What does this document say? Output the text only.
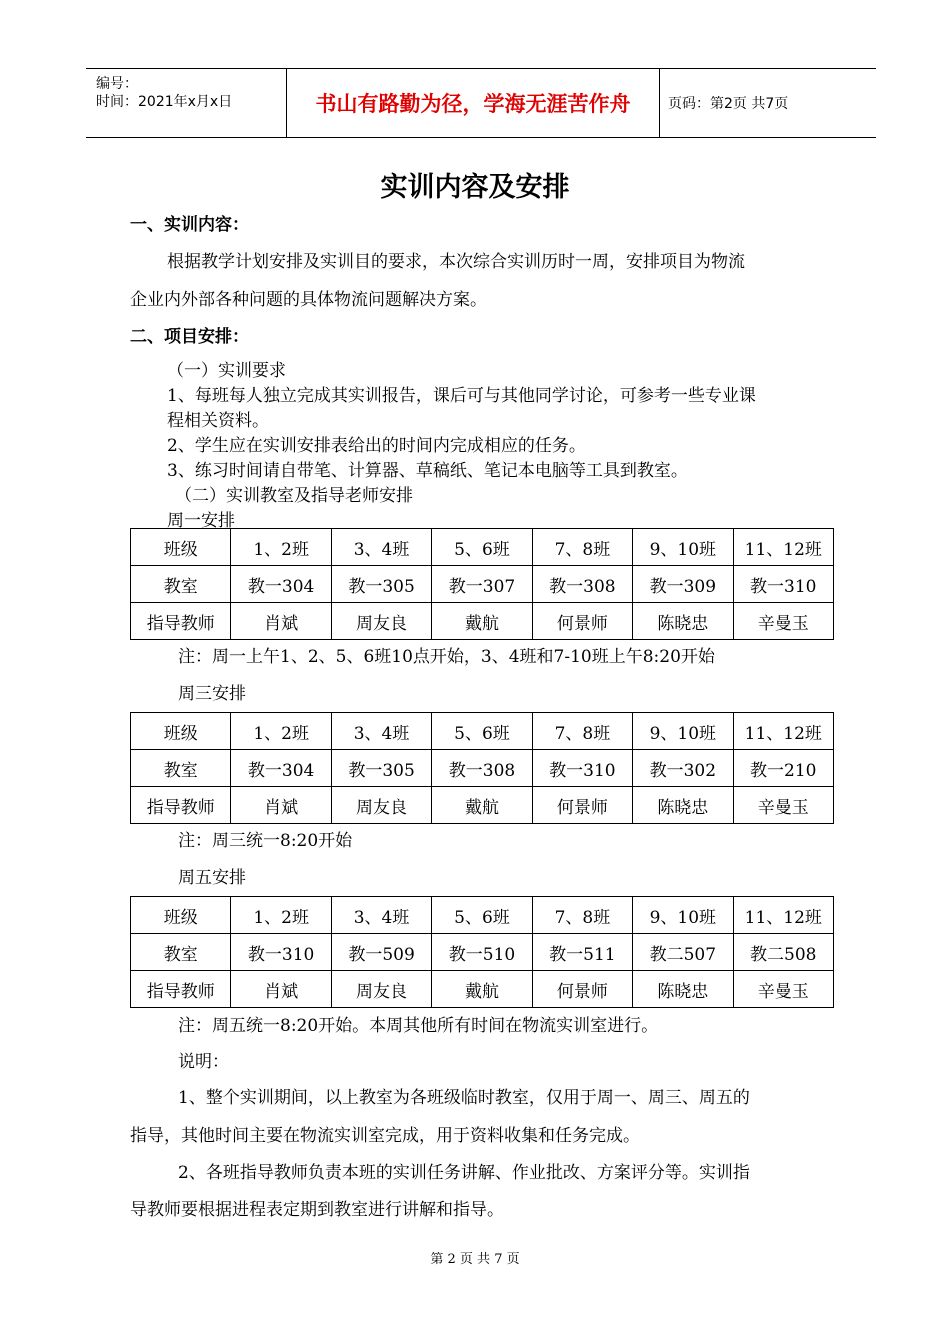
编号：
时间：2021年x月x日	书山有路勤为径，学海无涯苦作舟	页码：第2页 共7页
实训内容及安排
一、实训内容：
根据教学计划安排及实训目的要求，本次综合实训历时一周，安排项目为物流
企业内外部各种问题的具体物流问题解决方案。
二、项目安排：
（一）实训要求
1、每班每人独立完成其实训报告，课后可与其他同学讨论，可参考一些专业课
程相关资料。
2、学生应在实训安排表给出的时间内完成相应的任务。
3、练习时间请自带笔、计算器、草稿纸、笔记本电脑等工具到教室。
（二）实训教室及指导老师安排
周一安排
班级	1、2班	3、4班	5、6班	7、8班	9、10班	11、12班
教室	教一304	教一305	教一307	教一308	教一309	教一310
指导教师	肖斌	周友良	戴航	何景师	陈晓忠	辛曼玉
注：周一上午1、2、5、6班10点开始，3、4班和7-10班上午8:20开始
周三安排
班级	1、2班	3、4班	5、6班	7、8班	9、10班	11、12班
教室	教一304	教一305	教一308	教一310	教一302	教一210
指导教师	肖斌	周友良	戴航	何景师	陈晓忠	辛曼玉
注：周三统一8:20开始
周五安排
班级	1、2班	3、4班	5、6班	7、8班	9、10班	11、12班
教室	教一310	教一509	教一510	教一511	教二507	教二508
指导教师	肖斌	周友良	戴航	何景师	陈晓忠	辛曼玉
注：周五统一8:20开始。本周其他所有时间在物流实训室进行。
说明：
1、整个实训期间，以上教室为各班级临时教室，仅用于周一、周三、周五的
指导，其他时间主要在物流实训室完成，用于资料收集和任务完成。
2、各班指导教师负责本班的实训任务讲解、作业批改、方案评分等。实训指
导教师要根据进程表定期到教室进行讲解和指导。
第 2 页 共 7 页
